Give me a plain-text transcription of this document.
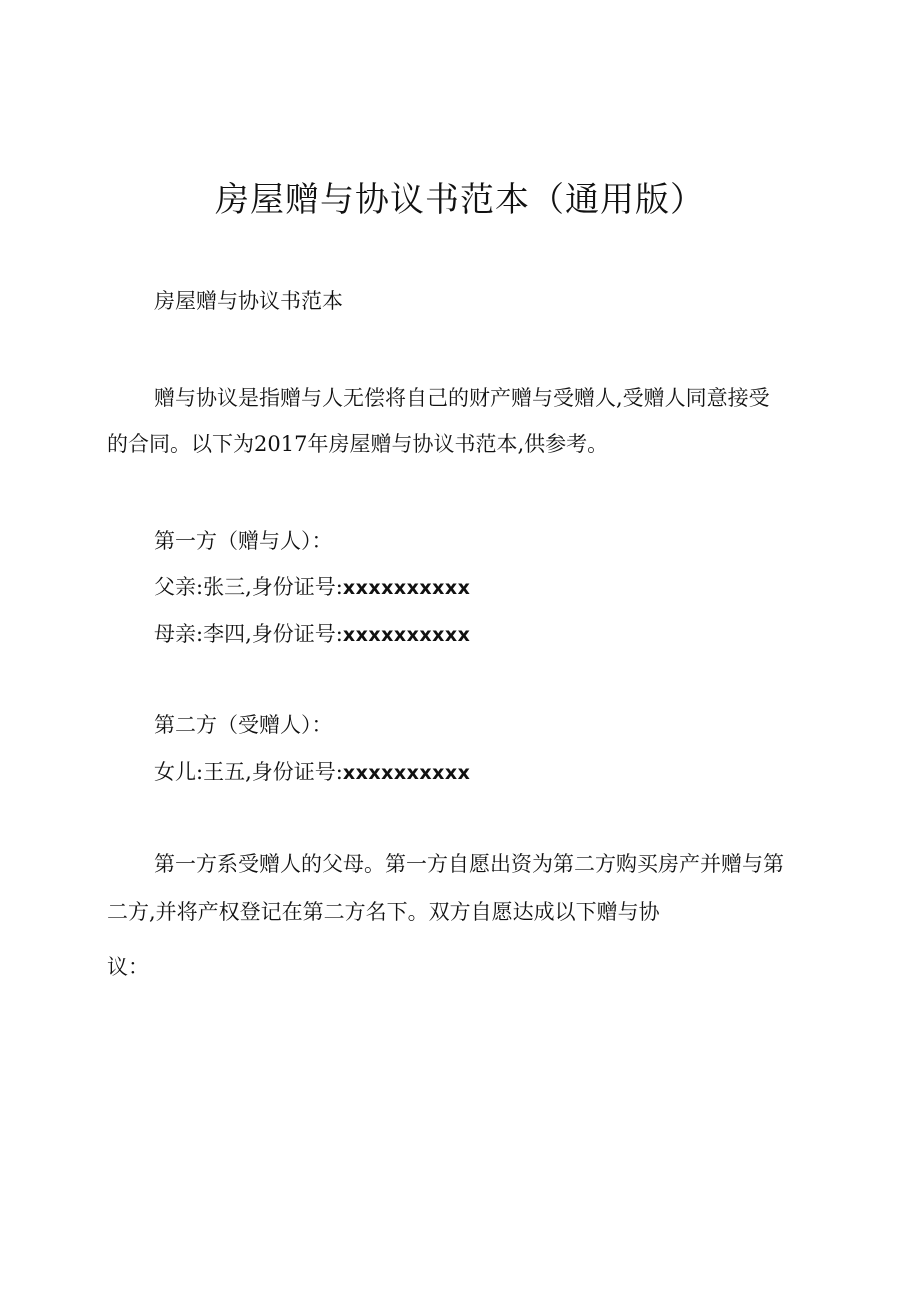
房屋赠与协议书范本（通用版）

房屋赠与协议书范本

赠与协议是指赠与人无偿将自己的财产赠与受赠人,受赠人同意接受

的合同。以下为2017年房屋赠与协议书范本,供参考。

第一方（赠与人）：

父亲:张三,身份证号:xxxxxxxxxx

母亲:李四,身份证号:xxxxxxxxxx

第二方（受赠人）：

女儿:王五,身份证号:xxxxxxxxxx

第一方系受赠人的父母。第一方自愿出资为第二方购买房产并赠与第

二方,并将产权登记在第二方名下。双方自愿达成以下赠与协

议：
